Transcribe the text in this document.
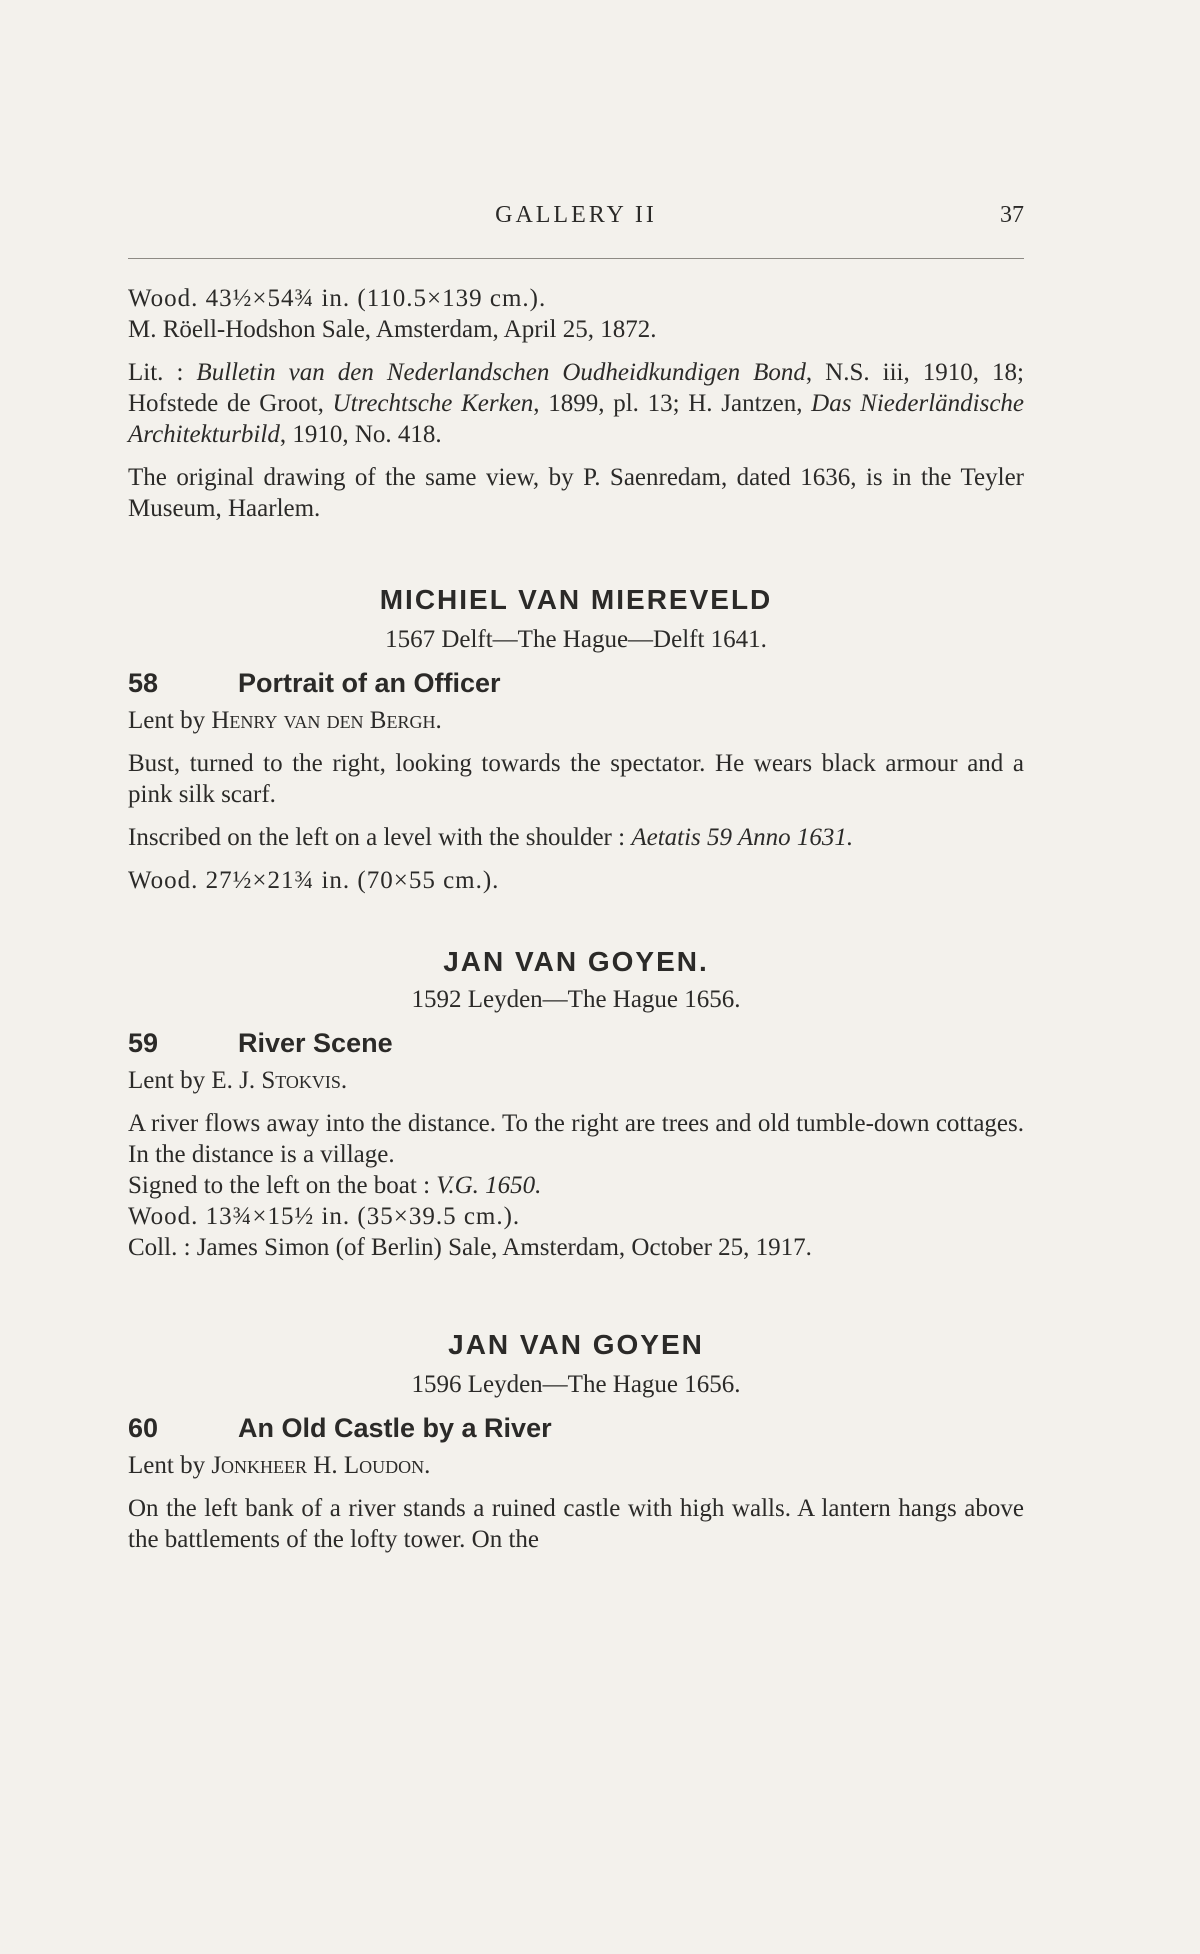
GALLERY II	37

Wood. 43½×54¾ in. (110.5×139 cm.).

M. Röell-Hodshon Sale, Amsterdam, April 25, 1872.

Lit. : Bulletin van den Nederlandschen Oudheidkundigen Bond, N.S. iii, 1910, 18; Hofstede de Groot, Utrechtsche Kerken, 1899, pl. 13; H. Jantzen, Das Niederländische Architekturbild, 1910, No. 418.

The original drawing of the same view, by P. Saenredam, dated 1636, is in the Teyler Museum, Haarlem.

MICHIEL VAN MIEREVELD

1567 Delft—The Hague—Delft 1641.

58	Portrait of an Officer

Lent by Henry van den Bergh.

Bust, turned to the right, looking towards the spectator. He wears black armour and a pink silk scarf.

Inscribed on the left on a level with the shoulder : Aetatis 59 Anno 1631.

Wood. 27½×21¾ in. (70×55 cm.).

JAN VAN GOYEN.

1592 Leyden—The Hague 1656.

59	River Scene

Lent by E. J. Stokvis.

A river flows away into the distance. To the right are trees and old tumble-down cottages. In the distance is a village.

Signed to the left on the boat : V.G. 1650.

Wood. 13¾×15½ in. (35×39.5 cm.).

Coll. : James Simon (of Berlin) Sale, Amsterdam, October 25, 1917.

JAN VAN GOYEN

1596 Leyden—The Hague 1656.

60	An Old Castle by a River

Lent by Jonkheer H. Loudon.

On the left bank of a river stands a ruined castle with high walls. A lantern hangs above the battlements of the lofty tower. On the
